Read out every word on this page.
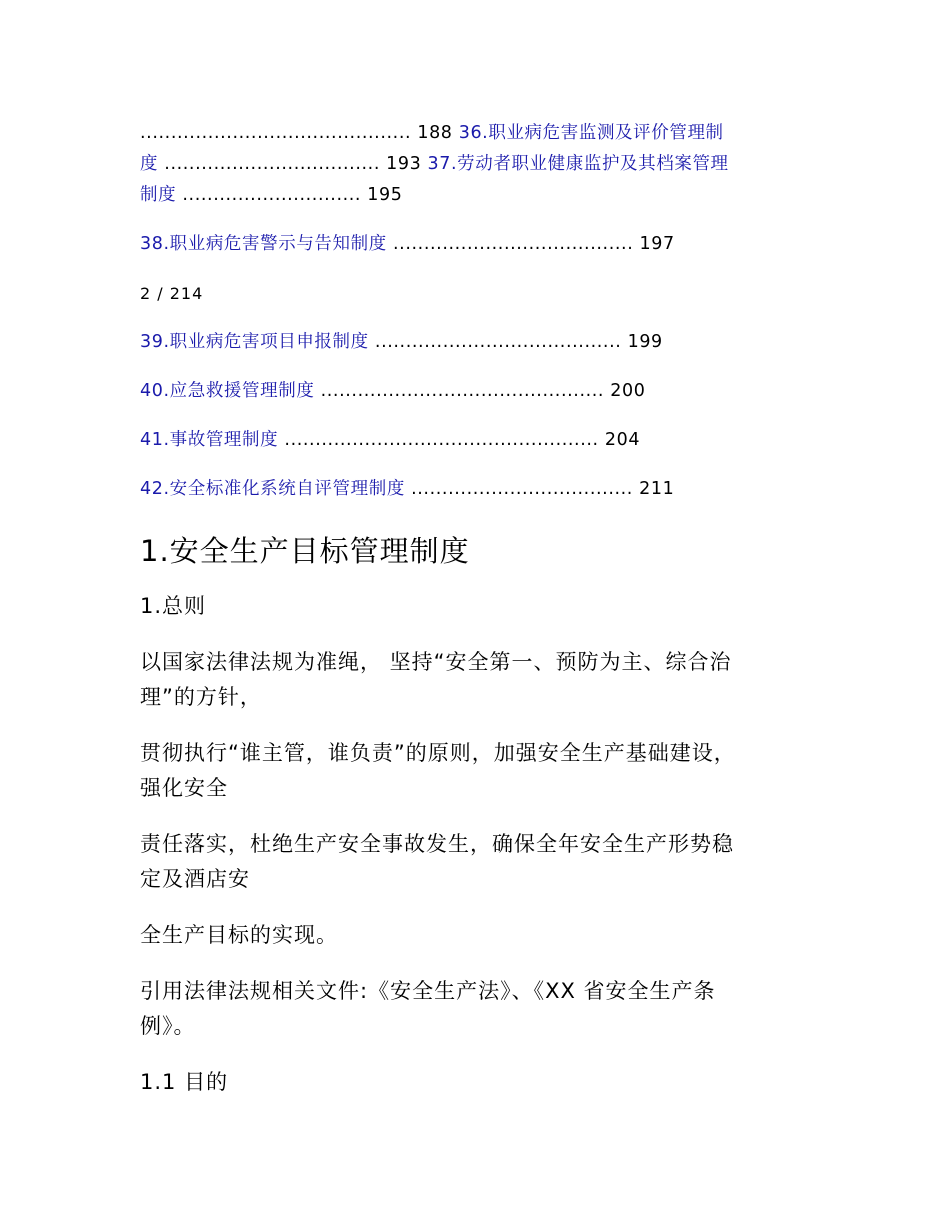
............................................ 188 36.职业病危害监测及评价管理制
度 ................................... 193 37.劳动者职业健康监护及其档案管理
制度 ............................. 195
38.职业病危害警示与告知制度 ....................................... 197
2 / 214
39.职业病危害项目申报制度 ........................................ 199
40.应急救援管理制度 .............................................. 200
41.事故管理制度 ................................................... 204
42.安全标准化系统自评管理制度 .................................... 211
1.安全生产目标管理制度

1.总则

以国家法律法规为准绳， 坚持“安全第一、预防为主、综合治

理”的方针，

贯彻执行“谁主管，谁负责”的原则，加强安全生产基础建设，

强化安全

责任落实，杜绝生产安全事故发生，确保全年安全生产形势稳

定及酒店安

全生产目标的实现。

引用法律法规相关文件:《安全生产法》、《XX 省安全生产条

例》。

1.1 目的
